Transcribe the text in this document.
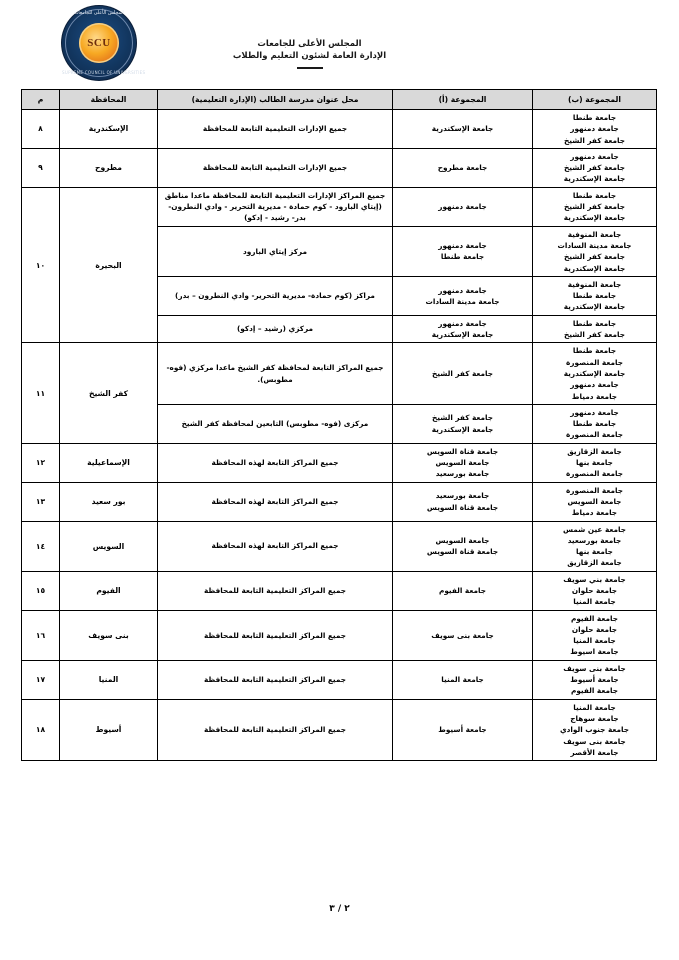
المجلس الأعلى للجامعات
SUPREME COUNCIL OF UNIVERSITIES
SCU	المجلس الأعلى للجامعات
الإدارة العامة لشئون التعليم والطلاب
المجموعة (ب)	المجموعة (أ)	محل عنوان مدرسة الطالب (الإدارة التعليمية)	المحافظة	م

جامعة طنطا
جامعة دمنهور
جامعة كفر الشيخ	جامعة الإسكندرية	جميع الإدارات التعليمية التابعة للمحافظة	الإسكندرية	٨

جامعة دمنهور
جامعة كفر الشيخ
جامعة الإسكندرية	جامعة مطروح	جميع الإدارات التعليمية التابعة للمحافظة	مطروح	٩

جامعة طنطا
جامعة كفر الشيخ
جامعة الإسكندرية	جامعة دمنهور	جميع المراكز الإدارات التعليمية التابعة للمحافظة ماعدا مناطق (إيتاي البارود - كوم حمادة - مديرية التحرير - وادي النطرون- بدر- رشيد - إدكو)	البحيرة	١٠

جامعة المنوفية
جامعة مدينة السادات
جامعة كفر الشيخ
جامعة الإسكندرية	جامعة دمنهور
جامعة طنطا	مركز إيتاي البارود		

جامعة المنوفية
جامعة طنطا
جامعة الإسكندرية	جامعة دمنهور
جامعة مدينة السادات	مراكز (كوم حمادة- مديرية التحرير- وادي النطرون – بدر)		

جامعة طنطا
جامعة كفر الشيخ	جامعة دمنهور
جامعة الإسكندرية	مركزي (رشيد – إدكو)		

جامعة طنطا
جامعة المنصورة
جامعة الإسكندرية
جامعة دمنهور
جامعة دمياط	جامعة كفر الشيخ	جميع المراكز التابعة لمحافظة كفر الشيخ ماعدا مركزي (فوه- مطوبس).	كفر الشيخ	١١

جامعة دمنهور
جامعة طنطا
جامعة المنصورة	جامعة كفر الشيخ
جامعة الإسكندرية	مركزى (فوه- مطوبس) التابعين لمحافظة كفر الشيخ		

جامعة الزقازيق
جامعة بنها
جامعة المنصورة	جامعة قناة السويس
جامعة السويس
جامعة بورسعيد	جميع المراكز التابعة لهذه المحافظة	الإسماعيلية	١٢

جامعة المنصورة
جامعة السويس
جامعة دمياط	جامعة بورسعيد
جامعة قناة السويس	جميع المراكز التابعة لهذه المحافظة	بور سعيد	١٣

جامعة عين شمس
جامعة بورسعيد
جامعة بنها
جامعة الزقازيق	جامعة السويس
جامعة قناة السويس	جميع المراكز التابعة لهذه المحافظة	السويس	١٤

جامعة بني سويف
جامعة حلوان
جامعة المنيا	جامعة الفيوم	جميع المراكز التعليمية التابعة للمحافظة	الفيوم	١٥

جامعة الفيوم
جامعة حلوان
جامعة المنيا
جامعة اسيوط	جامعة بنى سويف	جميع المراكز التعليمية التابعة للمحافظة	بنى سويف	١٦

جامعة بنى سويف
جامعة أسيوط
جامعة الفيوم	جامعة المنيا	جميع المراكز التعليمية التابعة للمحافظة	المنيا	١٧

جامعة المنيا
جامعة سوهاج
جامعة جنوب الوادي
جامعة بنى سويف
جامعة الأقصر	جامعة أسيوط	جميع المراكز التعليمية التابعة للمحافظة	أسيوط	١٨
٢ / ٣
